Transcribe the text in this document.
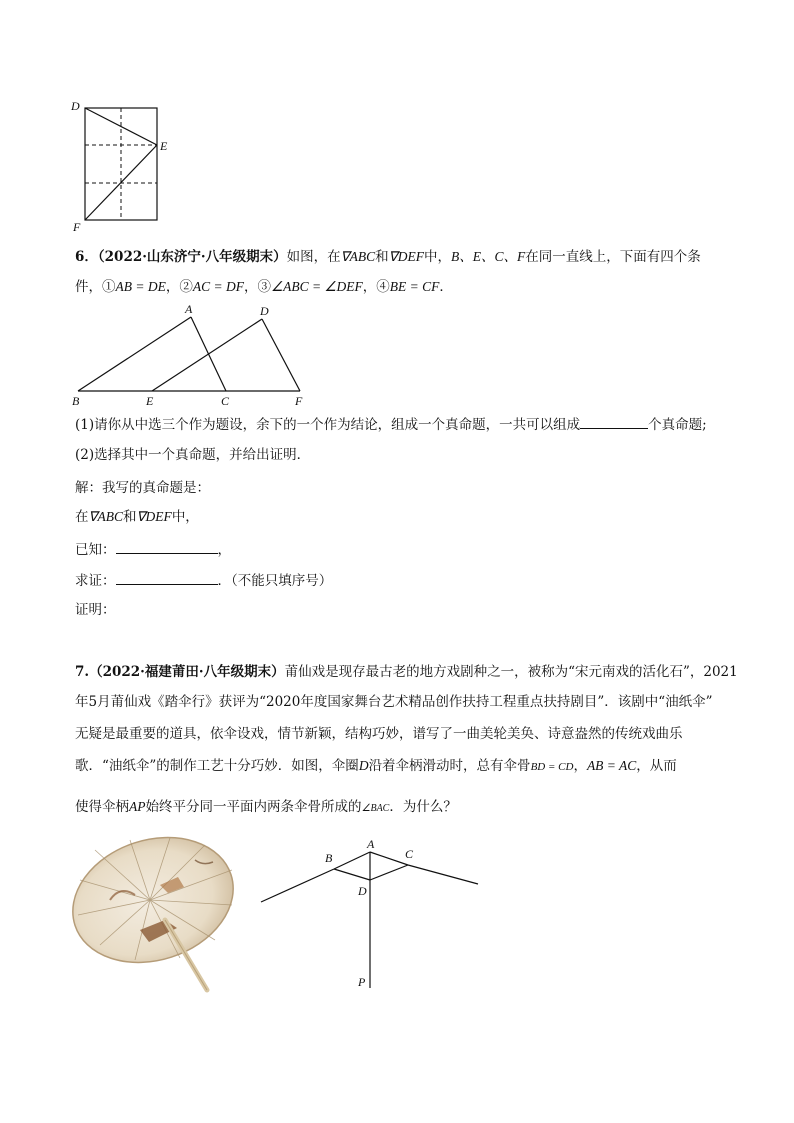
D
E
F
6．（2022·山东济宁·八年级期末）如图，在∇ABC和∇DEF中，B、E、C、F在同一直线上，下面有四个条
件，①AB = DE，②AC = DF，③∠ABC = ∠DEF，④BE = CF．
A	D
B	E	C	F
(1)请你从中选三个作为题设，余下的一个作为结论，组成一个真命题，一共可以组成	个真命题;
(2)选择其中一个真命题，并给出证明．
解：我写的真命题是：
在∇ABC和∇DEF中，
已知：	，
求证：	．（不能只填序号）
证明：
7.（2022·福建莆田·八年级期末）莆仙戏是现存最古老的地方戏剧种之一，被称为“宋元南戏的活化石”，2021
年5月莆仙戏《踏伞行》获评为“2020年度国家舞台艺术精品创作扶持工程重点扶持剧目”．该剧中“油纸伞”
无疑是最重要的道具，依伞设戏，情节新颖，结构巧妙，谱写了一曲美轮美奂、诗意盎然的传统戏曲乐
歌．“油纸伞”的制作工艺十分巧妙．如图，伞圈D沿着伞柄滑动时，总有伞骨BD = CD，AB = AC，从而
使得伞柄AP始终平分同一平面内两条伞骨所成的∠BAC．为什么？
A
B	C
D
P
